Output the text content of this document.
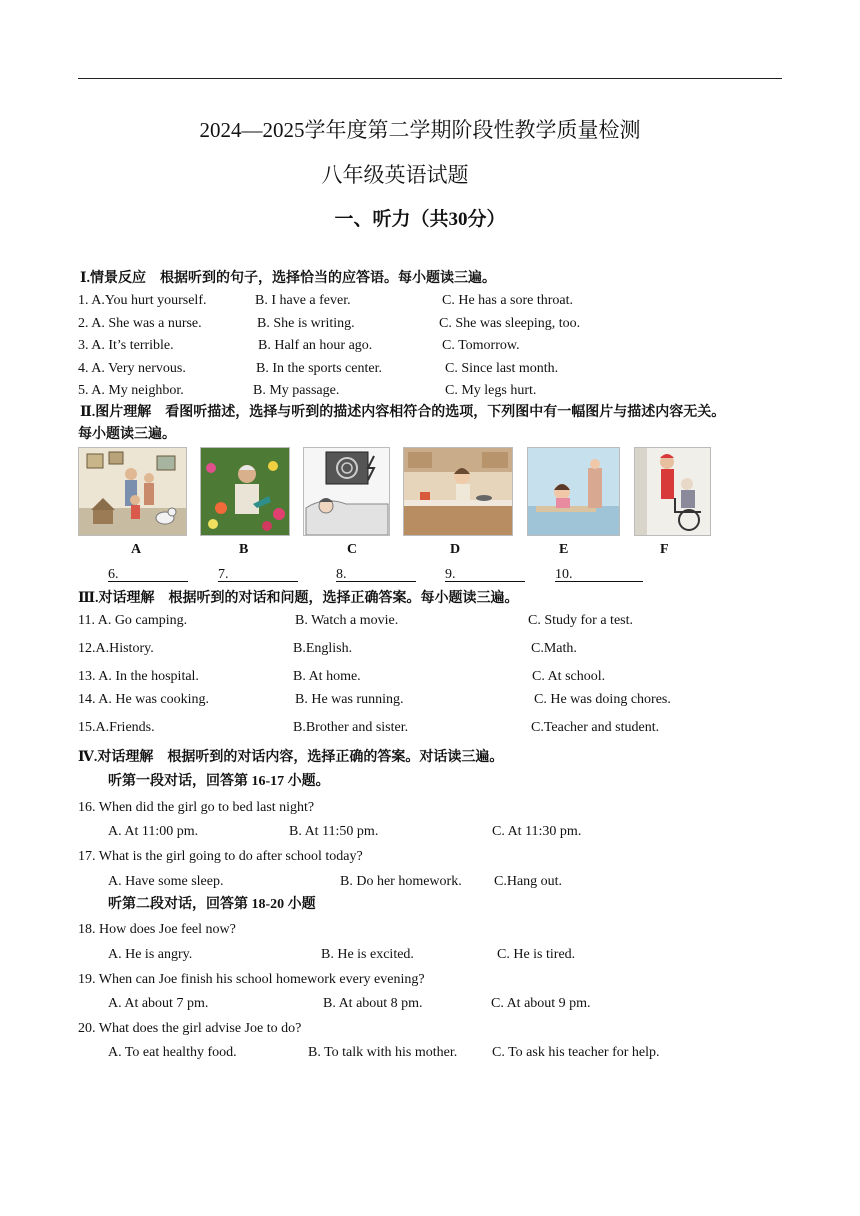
2024—2025学年度第二学期阶段性教学质量检测
八年级英语试题
一、听力（共30分）
Ⅰ.情景反应　根据听到的句子，选择恰当的应答语。每小题读三遍。
1. A.You hurt yourself.	B. I have a fever.	C. He has a sore throat.
2. A. She was a nurse.	B. She is writing.	C. She was sleeping, too.
3. A. It’s terrible.	B. Half an hour ago.	C. Tomorrow.
4. A. Very nervous.	B. In the sports center.	C. Since last month.
5. A. My neighbor.	B. My passage.	C. My legs hurt.
Ⅱ.图片理解　看图听描述，选择与听到的描述内容相符合的选项，下列图中有一幅图片与描述内容无关。
每小题读三遍。
A	B	C	D	E	F
6.	7.	8.	9.	10.
Ⅲ.对话理解　根据听到的对话和问题，选择正确答案。每小题读三遍。
11. A. Go camping.	B. Watch a movie.	C. Study for a test.
12.A.History.	B.English.	C.Math.
13. A. In the hospital.	B. At home.	C. At school.
14. A. He was cooking.	B. He was running.	C. He was doing chores.
15.A.Friends.	B.Brother and sister.	C.Teacher and student.
Ⅳ.对话理解　根据听到的对话内容，选择正确的答案。对话读三遍。
听第一段对话，回答第 16-17 小题。
16. When did the girl go to bed last night?
A. At 11:00 pm.	B. At 11:50 pm.	C. At 11:30 pm.
17. What is the girl going to do after school today?
A. Have some sleep.	B. Do her homework. C.Hang out.
听第二段对话，回答第 18-20 小题
18. How does Joe feel now?
A. He is angry.	B. He is excited.	C. He is tired.
19. When can Joe finish his school homework every evening?
A. At about 7 pm.	B. At about 8 pm.	C. At about 9 pm.
20. What does the girl advise Joe to do?
A. To eat healthy food.	B. To talk with his mother. C. To ask his teacher for help.
